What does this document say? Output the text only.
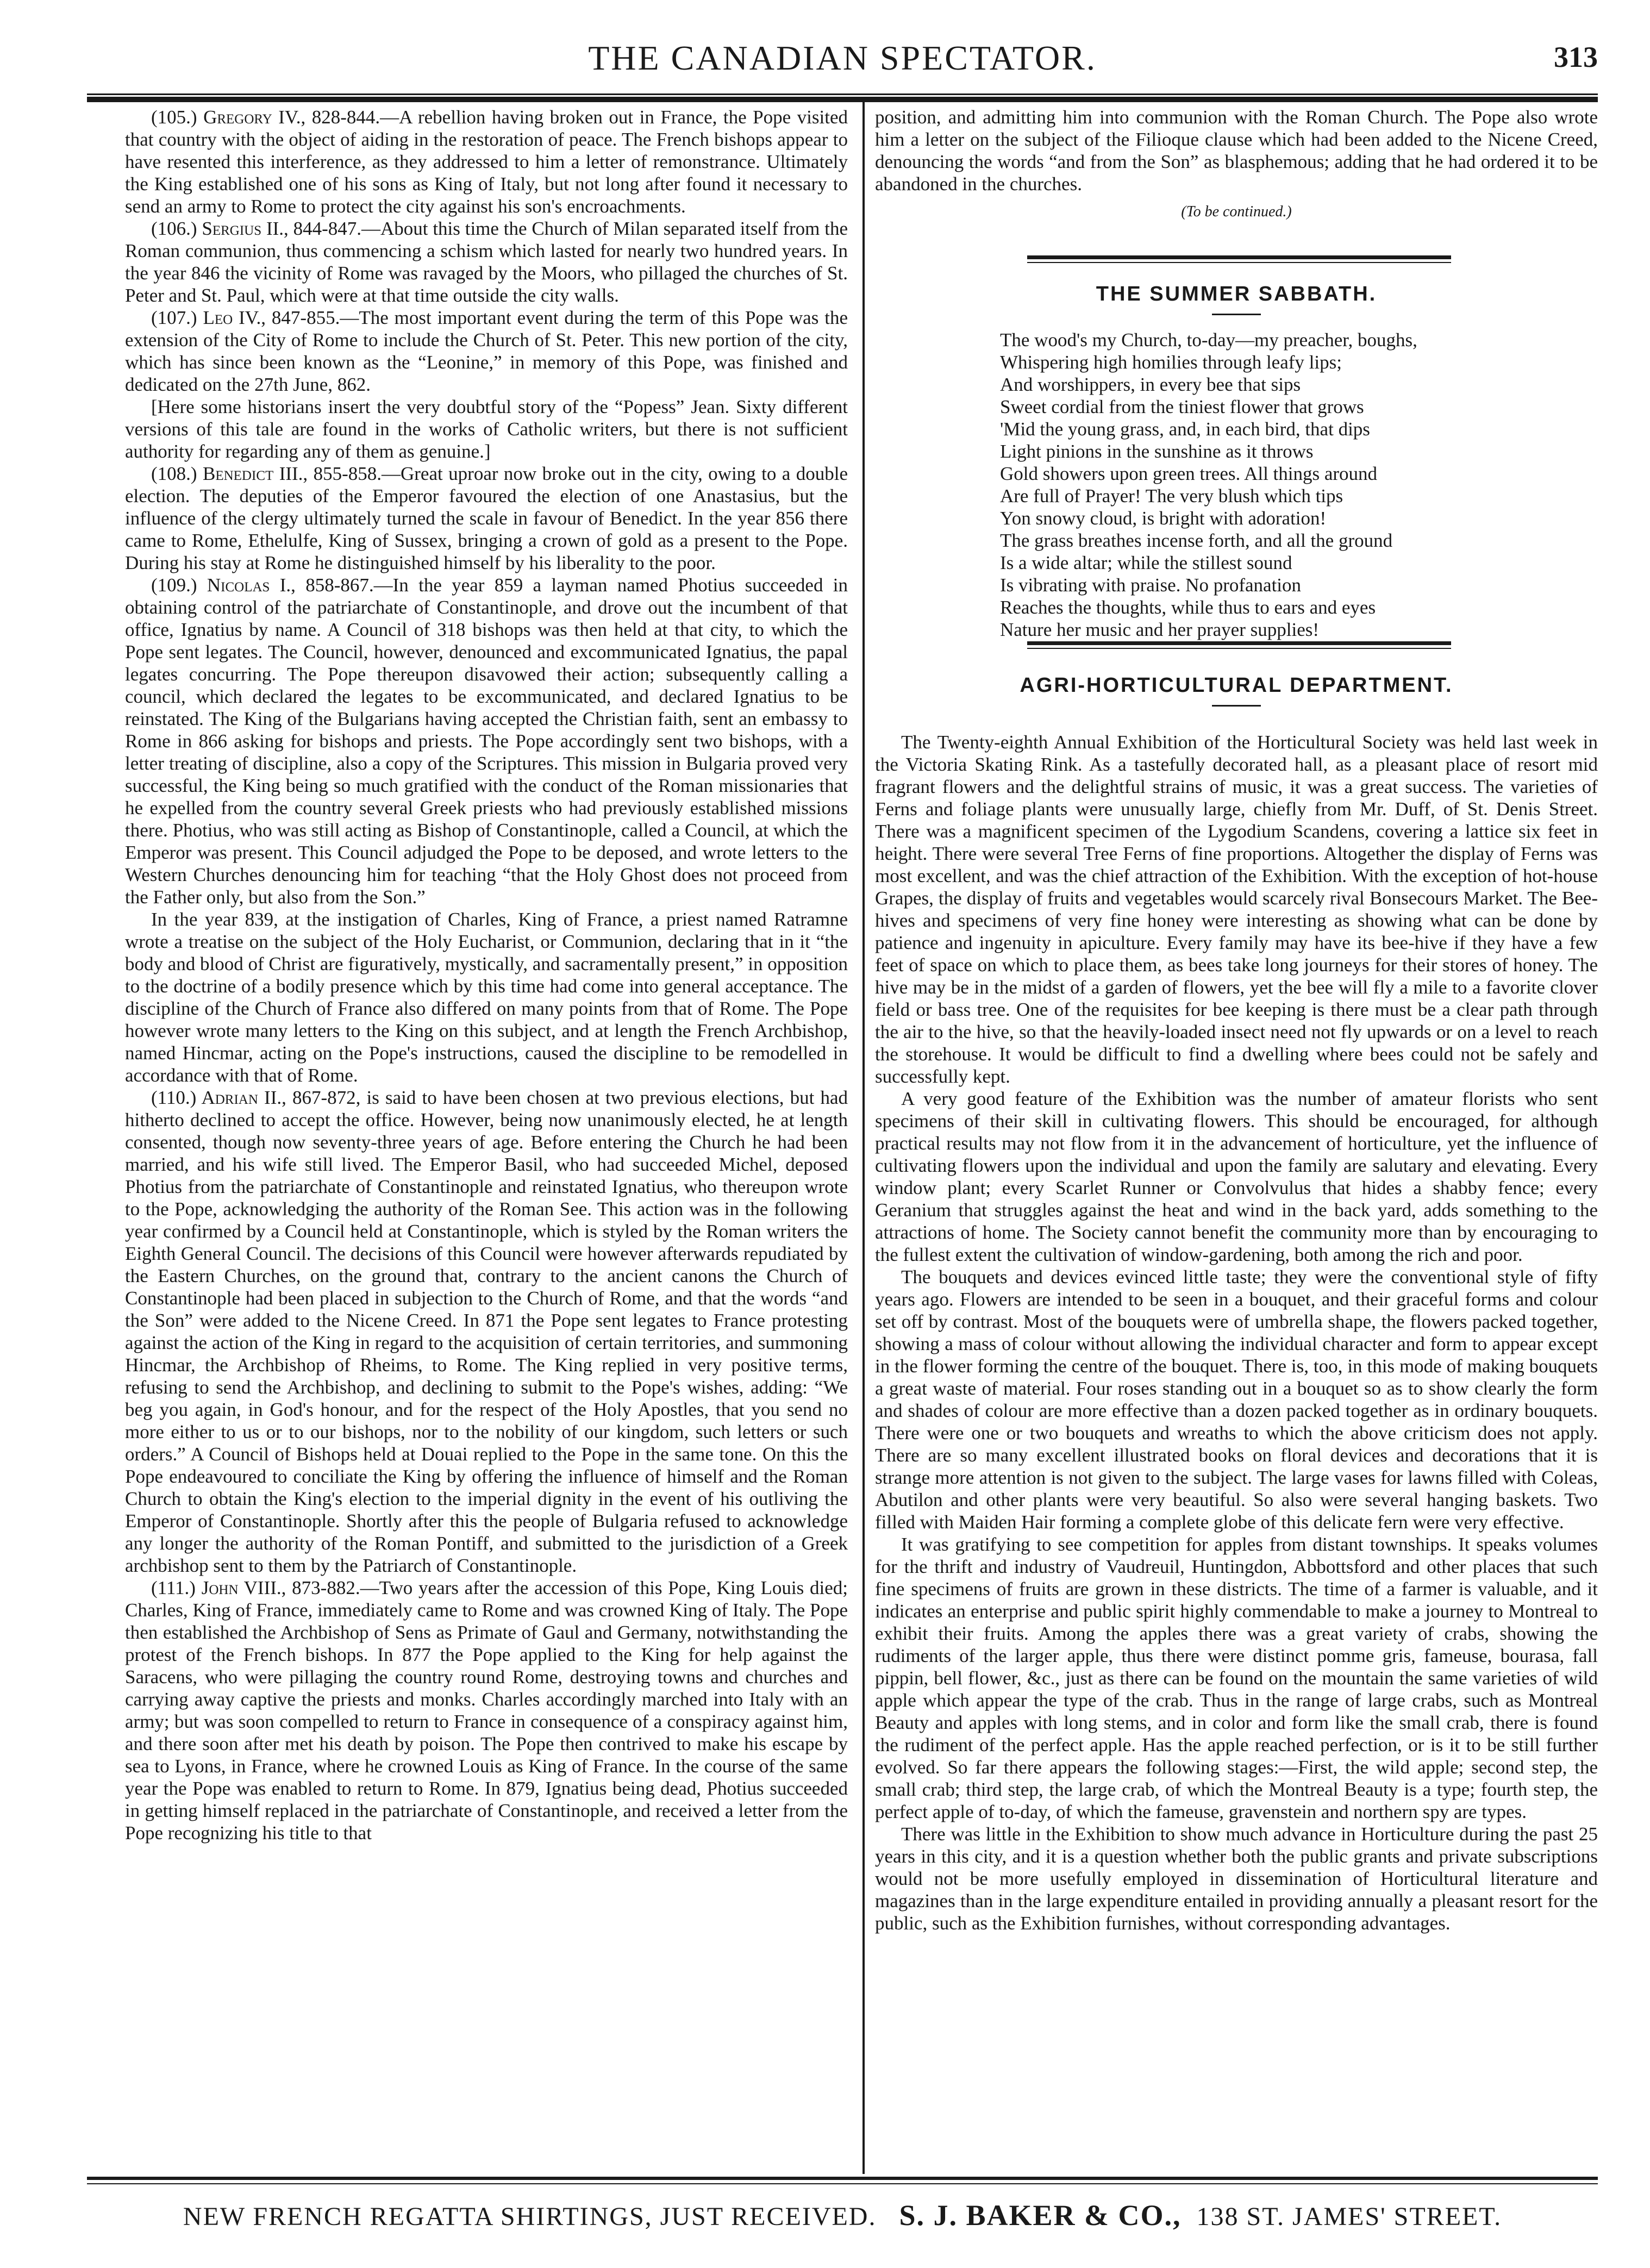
THE CANADIAN SPECTATOR.	313

(105.) Gregory IV., 828-844.—A rebellion having broken out in France, the Pope visited that country with the object of aiding in the restoration of peace. The French bishops appear to have resented this interference, as they addressed to him a letter of remonstrance. Ultimately the King established one of his sons as King of Italy, but not long after found it necessary to send an army to Rome to protect the city against his son's encroachments.

(106.) Sergius II., 844-847.—About this time the Church of Milan separated itself from the Roman communion, thus commencing a schism which lasted for nearly two hundred years. In the year 846 the vicinity of Rome was ravaged by the Moors, who pillaged the churches of St. Peter and St. Paul, which were at that time outside the city walls.

(107.) Leo IV., 847-855.—The most important event during the term of this Pope was the extension of the City of Rome to include the Church of St. Peter. This new portion of the city, which has since been known as the “Leonine,” in memory of this Pope, was finished and dedicated on the 27th June, 862.

[Here some historians insert the very doubtful story of the “Popess” Jean. Sixty different versions of this tale are found in the works of Catholic writers, but there is not sufficient authority for regarding any of them as genuine.]

(108.) Benedict III., 855-858.—Great uproar now broke out in the city, owing to a double election. The deputies of the Emperor favoured the election of one Anastasius, but the influence of the clergy ultimately turned the scale in favour of Benedict. In the year 856 there came to Rome, Ethelulfe, King of Sussex, bringing a crown of gold as a present to the Pope. During his stay at Rome he distinguished himself by his liberality to the poor.

(109.) Nicolas I., 858-867.—In the year 859 a layman named Photius succeeded in obtaining control of the patriarchate of Constantinople, and drove out the incumbent of that office, Ignatius by name. A Council of 318 bishops was then held at that city, to which the Pope sent legates. The Council, however, denounced and excommunicated Ignatius, the papal legates concurring. The Pope thereupon disavowed their action; subsequently calling a council, which declared the legates to be excommunicated, and declared Ignatius to be reinstated. The King of the Bulgarians having accepted the Christian faith, sent an embassy to Rome in 866 asking for bishops and priests. The Pope accordingly sent two bishops, with a letter treating of discipline, also a copy of the Scriptures. This mission in Bulgaria proved very successful, the King being so much gratified with the conduct of the Roman missionaries that he expelled from the country several Greek priests who had previously established missions there. Photius, who was still acting as Bishop of Constantinople, called a Council, at which the Emperor was present. This Council adjudged the Pope to be deposed, and wrote letters to the Western Churches denouncing him for teaching “that the Holy Ghost does not proceed from the Father only, but also from the Son.”

In the year 839, at the instigation of Charles, King of France, a priest named Ratramne wrote a treatise on the subject of the Holy Eucharist, or Communion, declaring that in it “the body and blood of Christ are figuratively, mystically, and sacramentally present,” in opposition to the doctrine of a bodily presence which by this time had come into general acceptance. The discipline of the Church of France also differed on many points from that of Rome. The Pope however wrote many letters to the King on this subject, and at length the French Archbishop, named Hincmar, acting on the Pope's instructions, caused the discipline to be remodelled in accordance with that of Rome.

(110.) Adrian II., 867-872, is said to have been chosen at two previous elections, but had hitherto declined to accept the office. However, being now unanimously elected, he at length consented, though now seventy-three years of age. Before entering the Church he had been married, and his wife still lived. The Emperor Basil, who had succeeded Michel, deposed Photius from the patriarchate of Constantinople and reinstated Ignatius, who thereupon wrote to the Pope, acknowledging the authority of the Roman See. This action was in the following year confirmed by a Council held at Constantinople, which is styled by the Roman writers the Eighth General Council. The decisions of this Council were however afterwards repudiated by the Eastern Churches, on the ground that, contrary to the ancient canons the Church of Constantinople had been placed in subjection to the Church of Rome, and that the words “and the Son” were added to the Nicene Creed. In 871 the Pope sent legates to France protesting against the action of the King in regard to the acquisition of certain territories, and summoning Hincmar, the Archbishop of Rheims, to Rome. The King replied in very positive terms, refusing to send the Archbishop, and declining to submit to the Pope's wishes, adding: “We beg you again, in God's honour, and for the respect of the Holy Apostles, that you send no more either to us or to our bishops, nor to the nobility of our kingdom, such letters or such orders.” A Council of Bishops held at Douai replied to the Pope in the same tone. On this the Pope endeavoured to conciliate the King by offering the influence of himself and the Roman Church to obtain the King's election to the imperial dignity in the event of his outliving the Emperor of Constantinople. Shortly after this the people of Bulgaria refused to acknowledge any longer the authority of the Roman Pontiff, and submitted to the jurisdiction of a Greek archbishop sent to them by the Patriarch of Constantinople.

(111.) John VIII., 873-882.—Two years after the accession of this Pope, King Louis died; Charles, King of France, immediately came to Rome and was crowned King of Italy. The Pope then established the Archbishop of Sens as Primate of Gaul and Germany, notwithstanding the protest of the French bishops. In 877 the Pope applied to the King for help against the Saracens, who were pillaging the country round Rome, destroying towns and churches and carrying away captive the priests and monks. Charles accordingly marched into Italy with an army; but was soon compelled to return to France in consequence of a conspiracy against him, and there soon after met his death by poison. The Pope then contrived to make his escape by sea to Lyons, in France, where he crowned Louis as King of France. In the course of the same year the Pope was enabled to return to Rome. In 879, Ignatius being dead, Photius succeeded in getting himself replaced in the patriarchate of Constantinople, and received a letter from the Pope recognizing his title to that

position, and admitting him into communion with the Roman Church. The Pope also wrote him a letter on the subject of the Filioque clause which had been added to the Nicene Creed, denouncing the words “and from the Son” as blasphemous; adding that he had ordered it to be abandoned in the churches.

(To be continued.)
THE SUMMER SABBATH.
The wood's my Church, to-day—my preacher, boughs,
Whispering high homilies through leafy lips;
And worshippers, in every bee that sips
Sweet cordial from the tiniest flower that grows
'Mid the young grass, and, in each bird, that dips
Light pinions in the sunshine as it throws
Gold showers upon green trees. All things around
Are full of Prayer! The very blush which tips
Yon snowy cloud, is bright with adoration!
The grass breathes incense forth, and all the ground
Is a wide altar; while the stillest sound
Is vibrating with praise. No profanation
Reaches the thoughts, while thus to ears and eyes
Nature her music and her prayer supplies!
AGRI-HORTICULTURAL DEPARTMENT.

The Twenty-eighth Annual Exhibition of the Horticultural Society was held last week in the Victoria Skating Rink. As a tastefully decorated hall, as a pleasant place of resort mid fragrant flowers and the delightful strains of music, it was a great success. The varieties of Ferns and foliage plants were unusually large, chiefly from Mr. Duff, of St. Denis Street. There was a magnificent specimen of the Lygodium Scandens, covering a lattice six feet in height. There were several Tree Ferns of fine proportions. Altogether the display of Ferns was most excellent, and was the chief attraction of the Exhibition. With the exception of hot-house Grapes, the display of fruits and vegetables would scarcely rival Bonsecours Market. The Bee-hives and specimens of very fine honey were interesting as showing what can be done by patience and ingenuity in apiculture. Every family may have its bee-hive if they have a few feet of space on which to place them, as bees take long journeys for their stores of honey. The hive may be in the midst of a garden of flowers, yet the bee will fly a mile to a favorite clover field or bass tree. One of the requisites for bee keeping is there must be a clear path through the air to the hive, so that the heavily-loaded insect need not fly upwards or on a level to reach the storehouse. It would be difficult to find a dwelling where bees could not be safely and successfully kept.

A very good feature of the Exhibition was the number of amateur florists who sent specimens of their skill in cultivating flowers. This should be encouraged, for although practical results may not flow from it in the advancement of horticulture, yet the influence of cultivating flowers upon the individual and upon the family are salutary and elevating. Every window plant; every Scarlet Runner or Convolvulus that hides a shabby fence; every Geranium that struggles against the heat and wind in the back yard, adds something to the attractions of home. The Society cannot benefit the community more than by encouraging to the fullest extent the cultivation of window-gardening, both among the rich and poor.

The bouquets and devices evinced little taste; they were the conventional style of fifty years ago. Flowers are intended to be seen in a bouquet, and their graceful forms and colour set off by contrast. Most of the bouquets were of umbrella shape, the flowers packed together, showing a mass of colour without allowing the individual character and form to appear except in the flower forming the centre of the bouquet. There is, too, in this mode of making bouquets a great waste of material. Four roses standing out in a bouquet so as to show clearly the form and shades of colour are more effective than a dozen packed together as in ordinary bouquets. There were one or two bouquets and wreaths to which the above criticism does not apply. There are so many excellent illustrated books on floral devices and decorations that it is strange more attention is not given to the subject. The large vases for lawns filled with Coleas, Abutilon and other plants were very beautiful. So also were several hanging baskets. Two filled with Maiden Hair forming a complete globe of this delicate fern were very effective.

It was gratifying to see competition for apples from distant townships. It speaks volumes for the thrift and industry of Vaudreuil, Huntingdon, Abbottsford and other places that such fine specimens of fruits are grown in these districts. The time of a farmer is valuable, and it indicates an enterprise and public spirit highly commendable to make a journey to Montreal to exhibit their fruits. Among the apples there was a great variety of crabs, showing the rudiments of the larger apple, thus there were distinct pomme gris, fameuse, bourasa, fall pippin, bell flower, &c., just as there can be found on the mountain the same varieties of wild apple which appear the type of the crab. Thus in the range of large crabs, such as Montreal Beauty and apples with long stems, and in color and form like the small crab, there is found the rudiment of the perfect apple. Has the apple reached perfection, or is it to be still further evolved. So far there appears the following stages:—First, the wild apple; second step, the small crab; third step, the large crab, of which the Montreal Beauty is a type; fourth step, the perfect apple of to-day, of which the fameuse, gravenstein and northern spy are types.

There was little in the Exhibition to show much advance in Horticulture during the past 25 years in this city, and it is a question whether both the public grants and private subscriptions would not be more usefully employed in dissemination of Horticultural literature and magazines than in the large expenditure entailed in providing annually a pleasant resort for the public, such as the Exhibition furnishes, without corresponding advantages.

NEW FRENCH REGATTA SHIRTINGS, JUST RECEIVED. S. J. BAKER & CO., 138 ST. JAMES' STREET.
